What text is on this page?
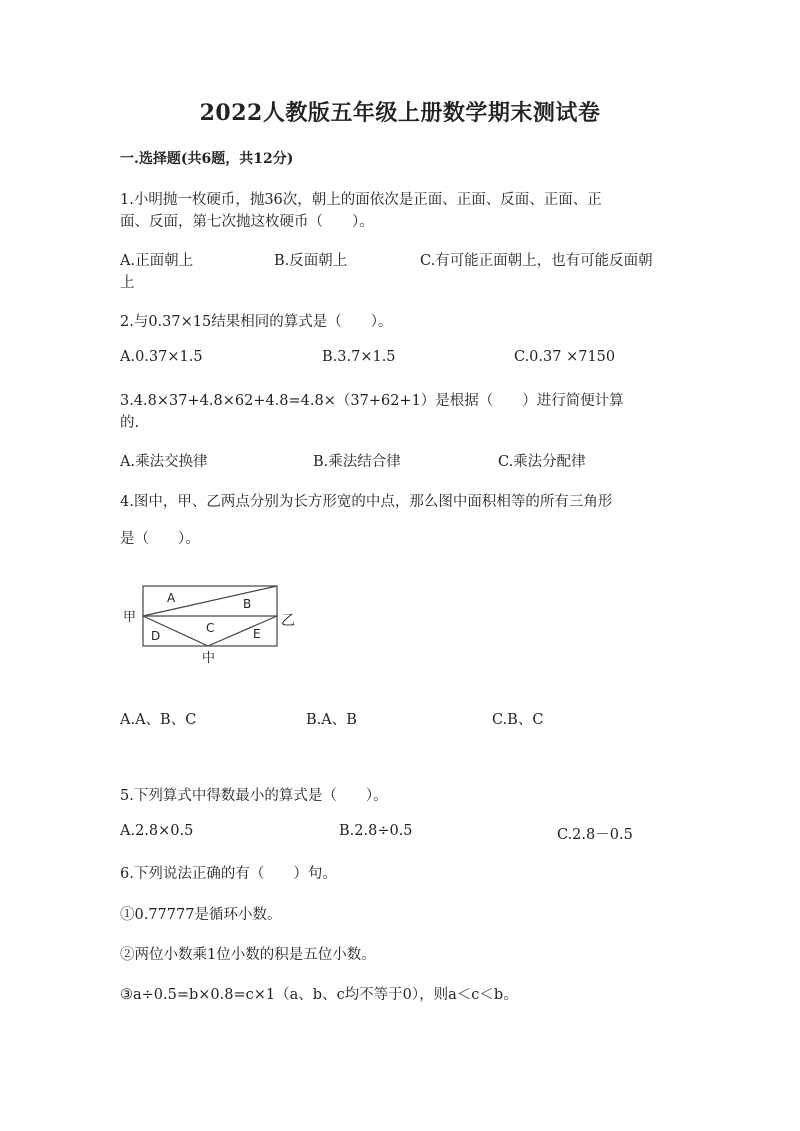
2022人教版五年级上册数学期末测试卷
一.选择题(共6题，共12分)
1.小明抛一枚硬币，抛36次，朝上的面依次是正面、正面、反面、正面、正
面、反面，第七次抛这枚硬币（　　）。
A.正面朝上	B.反面朝上	C.有可能正面朝上，也有可能反面朝
上
2.与0.37×15结果相同的算式是（　　）。
A.0.37×1.5	B.3.7×1.5	C.0.37 ×7150
3.4.8×37+4.8×62+4.8=4.8×（37+62+1）是根据（　　）进行简便计算
的.
A.乘法交换律	B.乘法结合律	C.乘法分配律
4.图中，甲、乙两点分别为长方形宽的中点，那么图中面积相等的所有三角形
是（　　）。
甲	乙
中
A	B
C
D	E
A.A、B、C	B.A、B	C.B、C
5.下列算式中得数最小的算式是（　　）。
A.2.8×0.5	B.2.8÷0.5	C.2.8－0.5
6.下列说法正确的有（　　）句。
①0.77777是循环小数。
②两位小数乘1位小数的积是五位小数。
③a÷0.5=b×0.8=c×1（a、b、c均不等于0），则a＜c＜b。
